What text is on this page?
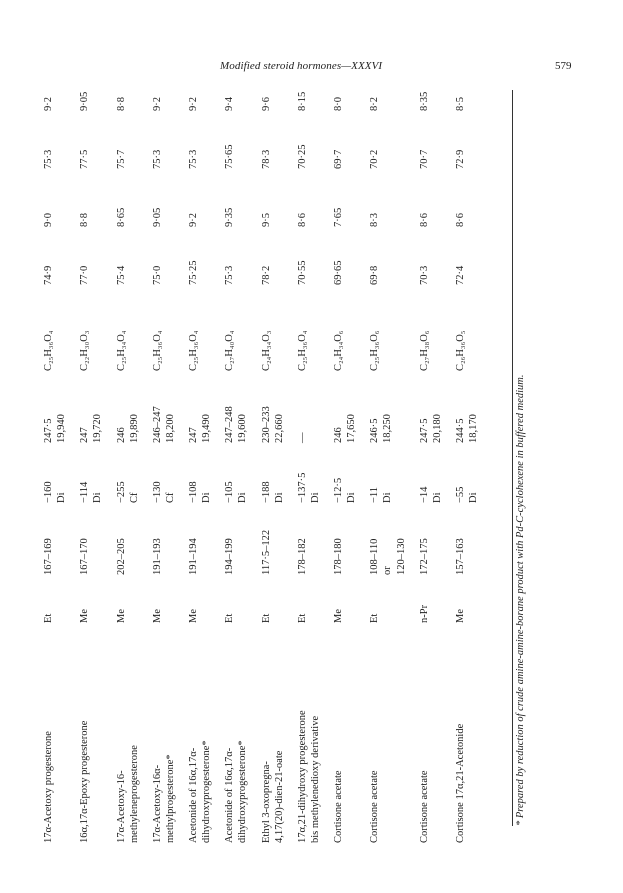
Modified steroid hormones—XXXVI	579
17α-Acetoxy progesterone	Et	167–169	−160 Di	247·5 19,940	C₂₅H₃₆O₄	74·9	9·0	75·3	9·2

16α,17α-Epoxy progesterone	Me	167–170	−114 Di	247 19,720	C₂₂H₃₀O₃	77·0	8·8	77·5	9·05

17α-Acetoxy-16- methyleneprogesterone	Me	202–205	−255 Cf	246 19,890	C₂₅H₃₄O₄	75·4	8·65	75·7	8·8

17α-Acetoxy-16α- methylprogesterone*	Me	191–193	−130 Cf	246–247 18,200	C₂₅H₃₆O₄	75·0	9·05	75·3	9·2

Acetonide of 16α,17α- dihydroxyprogesterone*	Me	191–194	−108 Di	247 19,490	C₂₅H₃₆O₄	75·25	9·2	75·3	9·2

Acetonide of 16α,17α- dihydroxyprogesterone*	Et	194–199	−105 Di	247–248 19,600	C₂₇H₄₀O₄	75·3	9·35	75·65	9·4

Ethyl 3-oxopregna- 4,17(20)-dien-21-oate	Et	117·5–122	−188 Di	230–233 22,660	C₂₄H₃₄O₃	78·2	9·5	78·3	9·6

17α,21-dihydroxy progesterone bis methylenedioxy derivative	Et	178–182	−137·5 Di	—	C₂₅H₃₆O₄	70·55	8·6	70·25	8·15

Cortisone acetate	Me	178–180	−12·5 Di	246 17,650	C₂₄H₃₄O₆	69·65	7·65	69·7	8·0

Cortisone acetate	Et	108–110 or 120–130	−11 Di	246·5 18,250	C₂₅H₃₆O₆	69·8	8·3	70·2	8·2

Cortisone acetate	n-Pr	172–175	−14 Di	247·5 20,180	C₂₇H₃₈O₆	70·3	8·6	70·7	8·35

Cortisone 17α,21-Acetonide	Me	157–163	−55 Di	244·5 18,170	C₂₆H₃₆O₅	72·4	8·6	72·9	8·5
* Prepared by reduction of crude amine-amine-borane product with Pd-C-cyclohexene in buffered medium.
